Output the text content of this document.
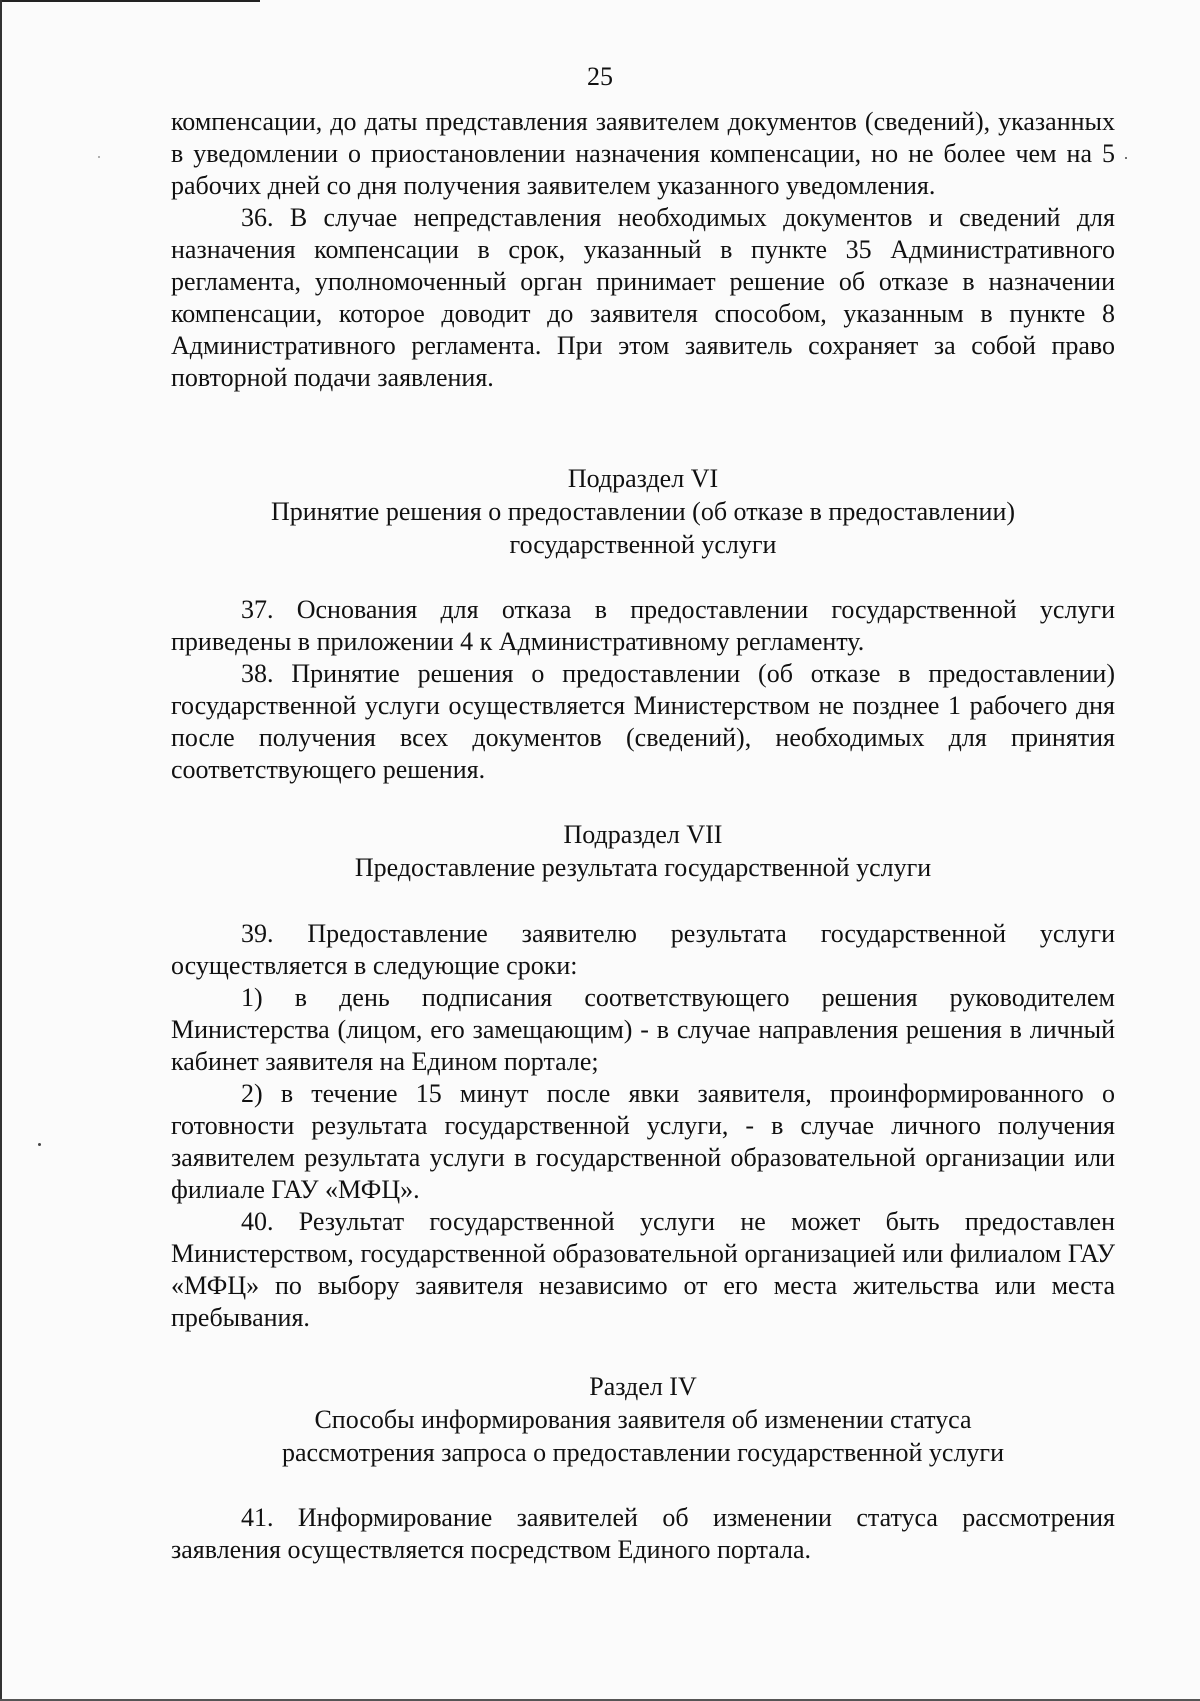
25

компенсации, до даты представления заявителем документов (сведений), указанных в уведомлении о приостановлении назначения компенсации, но не более чем на 5 рабочих дней со дня получения заявителем указанного уведомления.

36. В случае непредставления необходимых документов и сведений для назначения компенсации в срок, указанный в пункте 35 Административного регламента, уполномоченный орган принимает решение об отказе в назначении компенсации, которое доводит до заявителя способом, указанным в пункте 8 Административного регламента. При этом заявитель сохраняет за собой право повторной подачи заявления.

Подраздел VI
Принятие решения о предоставлении (об отказе в предоставлении)
государственной услуги

37. Основания для отказа в предоставлении государственной услуги приведены в приложении 4 к Административному регламенту.

38. Принятие решения о предоставлении (об отказе в предоставлении) государственной услуги осуществляется Министерством не позднее 1 рабочего дня после получения всех документов (сведений), необходимых для принятия соответствующего решения.

Подраздел VII
Предоставление результата государственной услуги

39. Предоставление заявителю результата государственной услуги осуществляется в следующие сроки:

1) в день подписания соответствующего решения руководителем Министерства (лицом, его замещающим) - в случае направления решения в личный кабинет заявителя на Едином портале;

2) в течение 15 минут после явки заявителя, проинформированного о готовности результата государственной услуги, - в случае личного получения заявителем результата услуги в государственной образовательной организации или филиале ГАУ «МФЦ».

40. Результат государственной услуги не может быть предоставлен Министерством, государственной образовательной организацией или филиалом ГАУ «МФЦ» по выбору заявителя независимо от его места жительства или места пребывания.

Раздел IV
Способы информирования заявителя об изменении статуса
рассмотрения запроса о предоставлении государственной услуги

41. Информирование заявителей об изменении статуса рассмотрения заявления осуществляется посредством Единого портала.
